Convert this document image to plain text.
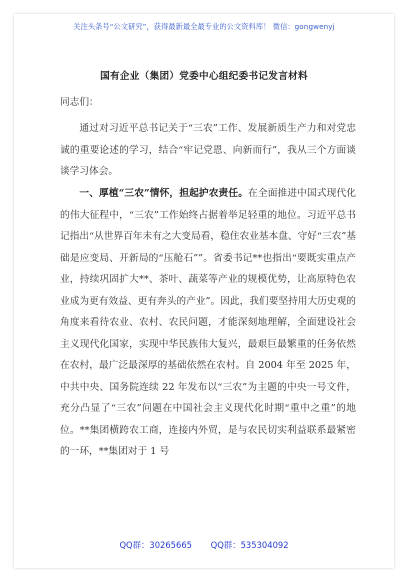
关注头条号“公文研究”，获得最新最全最专业的公文资料库！ 微信：gongwenyj
国有企业（集团）党委中心组纪委书记发言材料
同志们：
通过对习近平总书记关于“三农”工作、发展新质生产力和对党忠诚的重要论述的学习，结合“牢记党恩、向新而行”，我从三个方面谈谈学习体会。
一、厚植“三农”情怀，担起护农责任。在全面推进中国式现代化的伟大征程中，“三农”工作始终占据着举足轻重的地位。习近平总书记指出“从世界百年未有之大变局看，稳住农业基本盘、守好“三农”基础是应变局、开新局的“压舱石””。省委书记**也指出“要既实重点产业，持续巩固扩大**、茶叶、蔬菜等产业的规模优势，让高原特色农业成为更有效益、更有奔头的产业”。因此，我们要坚持用大历史观的角度来看待农业、农村、农民问题，才能深刻地理解，全面建设社会主义现代化国家，实现中华民族伟大复兴，最艰巨最繁重的任务依然在农村，最广泛最深厚的基础依然在农村。自 2004 年至 2025 年，中共中央、国务院连续 22 年发布以“三农”为主题的中央一号文件，充分凸显了“三农”问题在中国社会主义现代化时期“重中之重”的地位。**集团横跨农工商，连接内外贸，是与农民切实利益联系最紧密的一环，**集团对于 1 号
QQ群：30265665 QQ群：535304092
